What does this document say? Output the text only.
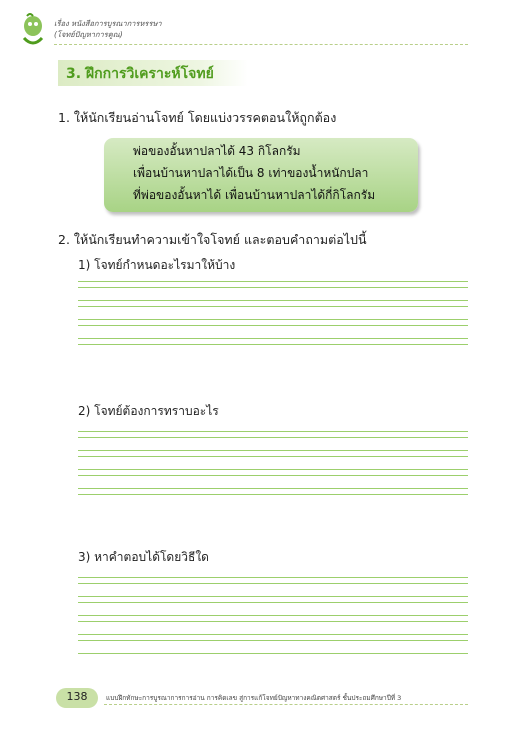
เรื่อง หนังสือการบูรณาการหรรษา
(โจทย์ปัญหาการคูณ)
3. ฝึกการวิเคราะห์โจทย์
1. ให้นักเรียนอ่านโจทย์ โดยแบ่งวรรคตอนให้ถูกต้อง
พ่อของอั้นหาปลาได้ 43 กิโลกรัม
เพื่อนบ้านหาปลาได้เป็น 8 เท่าของน้ำหนักปลา
ที่พ่อของอั้นหาได้ เพื่อนบ้านหาปลาได้กี่กิโลกรัม
2. ให้นักเรียนทำความเข้าใจโจทย์ และตอบคำถามต่อไปนี้
1) โจทย์กำหนดอะไรมาให้บ้าง
2) โจทย์ต้องการทราบอะไร
3) หาคำตอบได้โดยวิธีใด
138	แบบฝึกทักษะการบูรณาการการอ่าน การคิดเลข สู่การแก้โจทย์ปัญหาทางคณิตศาสตร์ ชั้นประถมศึกษาปีที่ 3
